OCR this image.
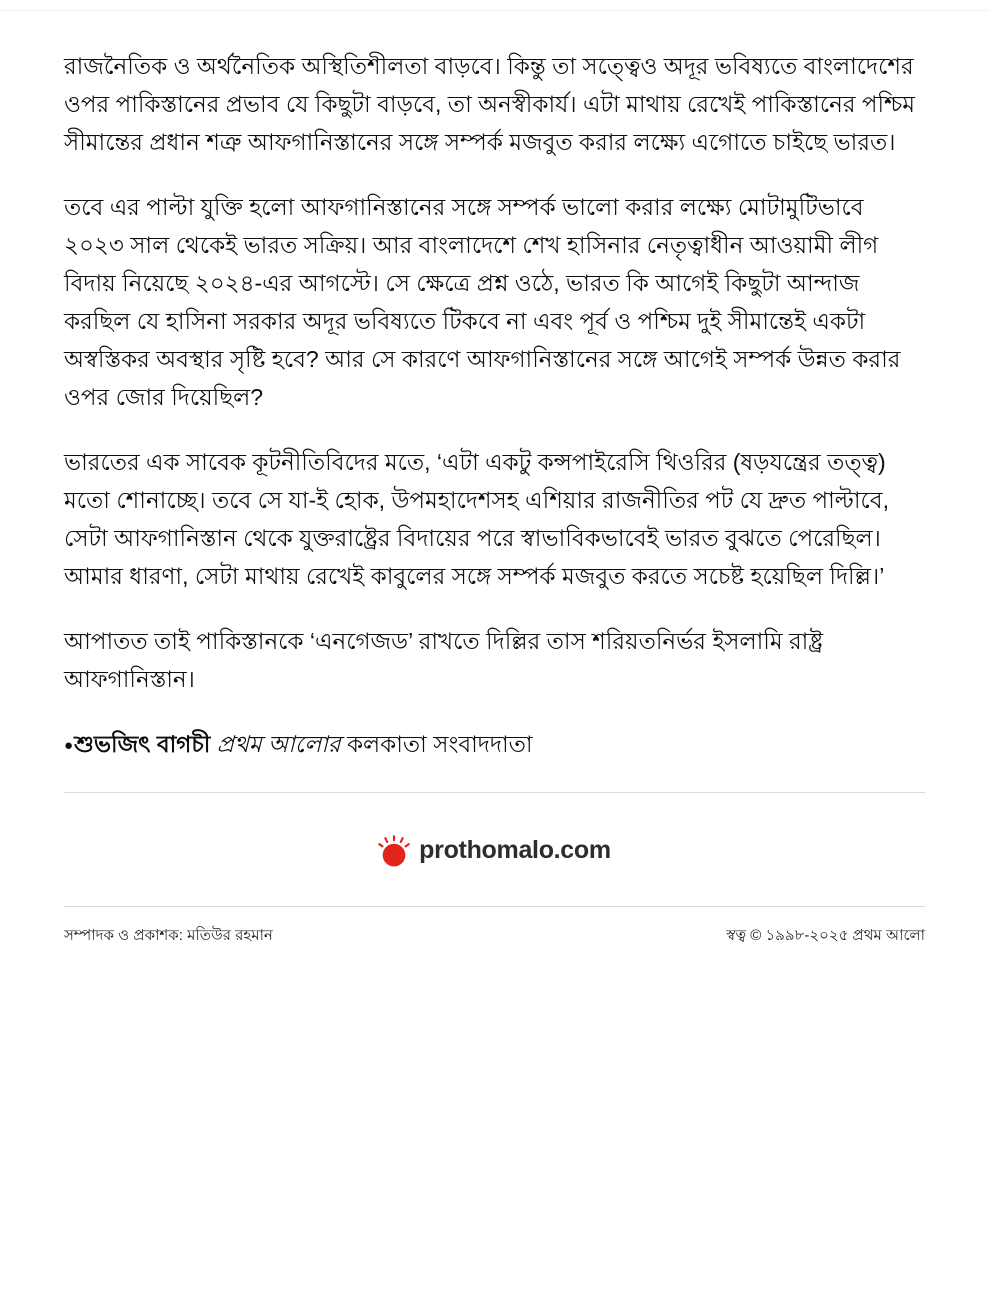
রাজনৈতিক ও অর্থনৈতিক অস্থিতিশীলতা বাড়বে। কিন্তু তা সত্ত্বেও অদূর ভবিষ্যতে বাংলাদেশের ওপর পাকিস্তানের প্রভাব যে কিছুটা বাড়বে, তা অনস্বীকার্য। এটা মাথায় রেখেই পাকিস্তানের পশ্চিম সীমান্তের প্রধান শত্রু আফগানিস্তানের সঙ্গে সম্পর্ক মজবুত করার লক্ষ্যে এগোতে চাইছে ভারত।

তবে এর পাল্টা যুক্তি হলো আফগানিস্তানের সঙ্গে সম্পর্ক ভালো করার লক্ষ্যে মোটামুটিভাবে ২০২৩ সাল থেকেই ভারত সক্রিয়। আর বাংলাদেশে শেখ হাসিনার নেতৃত্বাধীন আওয়ামী লীগ বিদায় নিয়েছে ২০২৪-এর আগস্টে। সে ক্ষেত্রে প্রশ্ন ওঠে, ভারত কি আগেই কিছুটা আন্দাজ করছিল যে হাসিনা সরকার অদূর ভবিষ্যতে টিকবে না এবং পূর্ব ও পশ্চিম দুই সীমান্তেই একটা অস্বস্তিকর অবস্থার সৃষ্টি হবে? আর সে কারণে আফগানিস্তানের সঙ্গে আগেই সম্পর্ক উন্নত করার ওপর জোর দিয়েছিল?

ভারতের এক সাবেক কূটনীতিবিদের মতে, ‘এটা একটু কন্সপাইরেসি থিওরির (ষড়যন্ত্রের তত্ত্ব) মতো শোনাচ্ছে। তবে সে যা-ই হোক, উপমহাদেশসহ এশিয়ার রাজনীতির পট যে দ্রুত পাল্টাবে, সেটা আফগানিস্তান থেকে যুক্তরাষ্ট্রের বিদায়ের পরে স্বাভাবিকভাবেই ভারত বুঝতে পেরেছিল। আমার ধারণা, সেটা মাথায় রেখেই কাবুলের সঙ্গে সম্পর্ক মজবুত করতে সচেষ্ট হয়েছিল দিল্লি।’

আপাতত তাই পাকিস্তানকে ‘এনগেজড’ রাখতে দিল্লির তাস শরিয়তনির্ভর ইসলামি রাষ্ট্র আফগানিস্তান।

●শুভজিৎ বাগচী প্রথম আলোর কলকাতা সংবাদদাতা

prothomalo.com
সম্পাদক ও প্রকাশক: মতিউর রহমান	স্বত্ব © ১৯৯৮-২০২৫ প্রথম আলো
